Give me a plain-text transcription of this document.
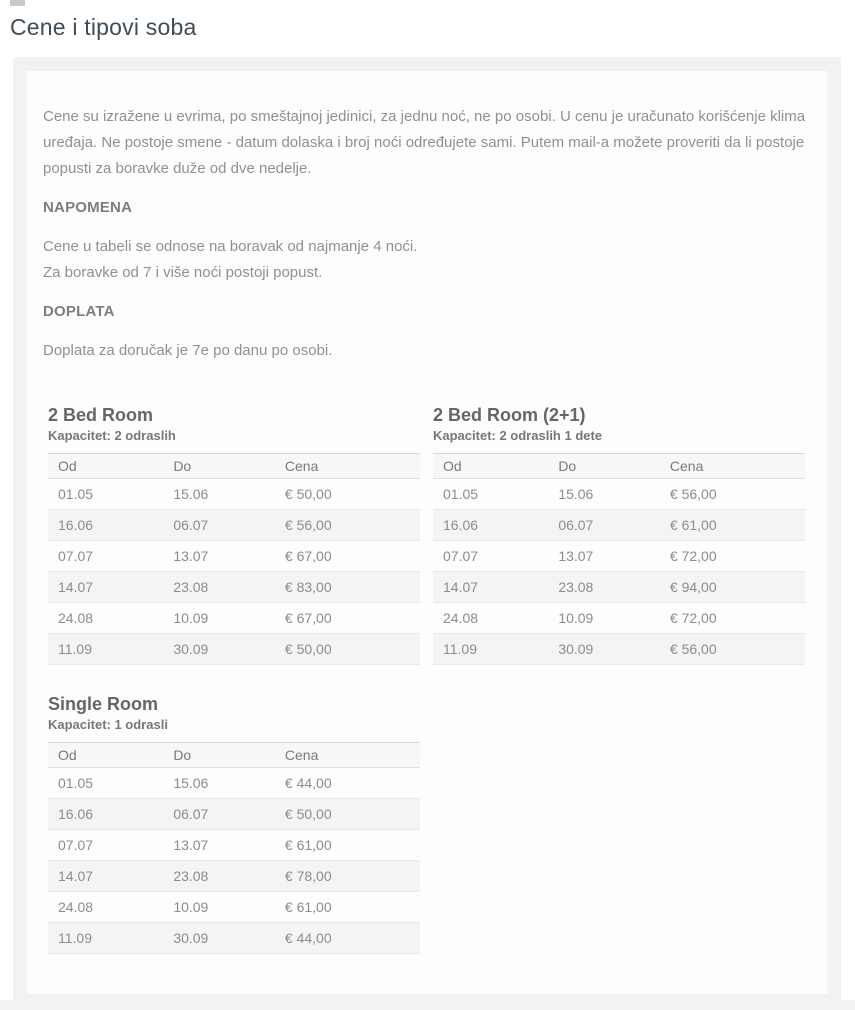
Cene i tipovi soba

Cene su izražene u evrima, po smeštajnoj jedinici, za jednu noć, ne po osobi. U cenu je uračunato korišćenje klima uređaja. Ne postoje smene - datum dolaska i broj noći određujete sami. Putem mail-a možete proveriti da li postoje popusti za boravke duže od dve nedelje.

NAPOMENA

Cene u tabeli se odnose na boravak od najmanje 4 noći.
Za boravke od 7 i više noći postoji popust.

DOPLATA

Doplata za doručak je 7e po danu po osobi.

2 Bed Room
Kapacitet: 2 odraslih
Od	Do	Cena
01.05	15.06	€ 50,00
16.06	06.07	€ 56,00
07.07	13.07	€ 67,00
14.07	23.08	€ 83,00
24.08	10.09	€ 67,00
11.09	30.09	€ 50,00
2 Bed Room (2+1)
Kapacitet: 2 odraslih 1 dete
Od	Do	Cena
01.05	15.06	€ 56,00
16.06	06.07	€ 61,00
07.07	13.07	€ 72,00
14.07	23.08	€ 94,00
24.08	10.09	€ 72,00
11.09	30.09	€ 56,00
Single Room
Kapacitet: 1 odrasli
Od	Do	Cena
01.05	15.06	€ 44,00
16.06	06.07	€ 50,00
07.07	13.07	€ 61,00
14.07	23.08	€ 78,00
24.08	10.09	€ 61,00
11.09	30.09	€ 44,00
